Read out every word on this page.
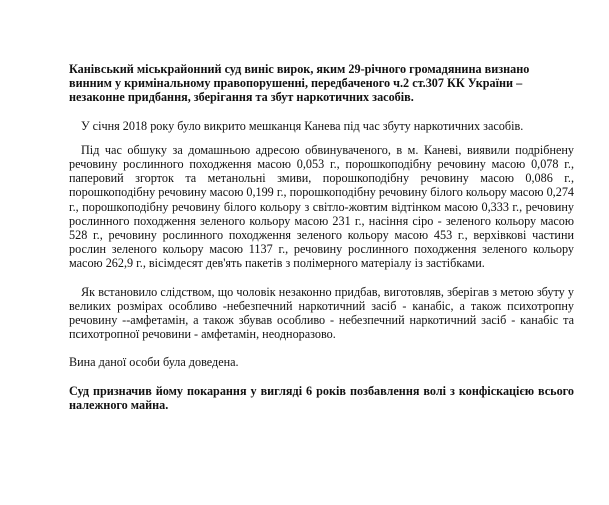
Канівський міськрайонний суд виніс вирок, яким 29-річного громадянина визнано винним у кримінальному правопорушенні, передбаченого ч.2 ст.307 КК України – незаконне придбання, зберігання та збут наркотичних засобів.

У січня 2018 року було викрито мешканця Канева під час збуту наркотичних засобів.

Під час обшуку за домашньою адресою обвинуваченого, в м. Каневі, виявили подрібнену речовину рослинного походження масою 0,053 г., порошкоподібну речовину масою 0,078 г., паперовий згорток та метанольні змиви, порошкоподібну речовину масою 0,086 г., порошкоподібну речовину масою 0,199 г., порошкоподібну речовину білого кольору масою 0,274 г., порошкоподібну речовину білого кольору з світло-жовтим відтінком масою 0,333 г., речовину рослинного походження зеленого кольору масою 231 г., насіння сіро - зеленого кольору масою 528 г., речовину рослинного походження зеленого кольору масою 453 г., верхівкові частини рослин зеленого кольору масою 1137 г., речовину рослинного походження зеленого кольору масою 262,9 г., вісімдесят дев'ять пакетів з полімерного матеріалу із застібками.

Як встановило слідством, що чоловік незаконно придбав, виготовляв, зберігав з метою збуту у великих розмірах особливо -небезпечний наркотичний засіб - канабіс, а також психотропну речовину --амфетамін, а також збував особливо - небезпечний наркотичний засіб - канабіс та психотропної речовини - амфетамін, неодноразово.

Вина даної особи була доведена.

Суд призначив йому покарання у вигляді 6 років позбавлення волі з конфіскацією всього належного майна.
